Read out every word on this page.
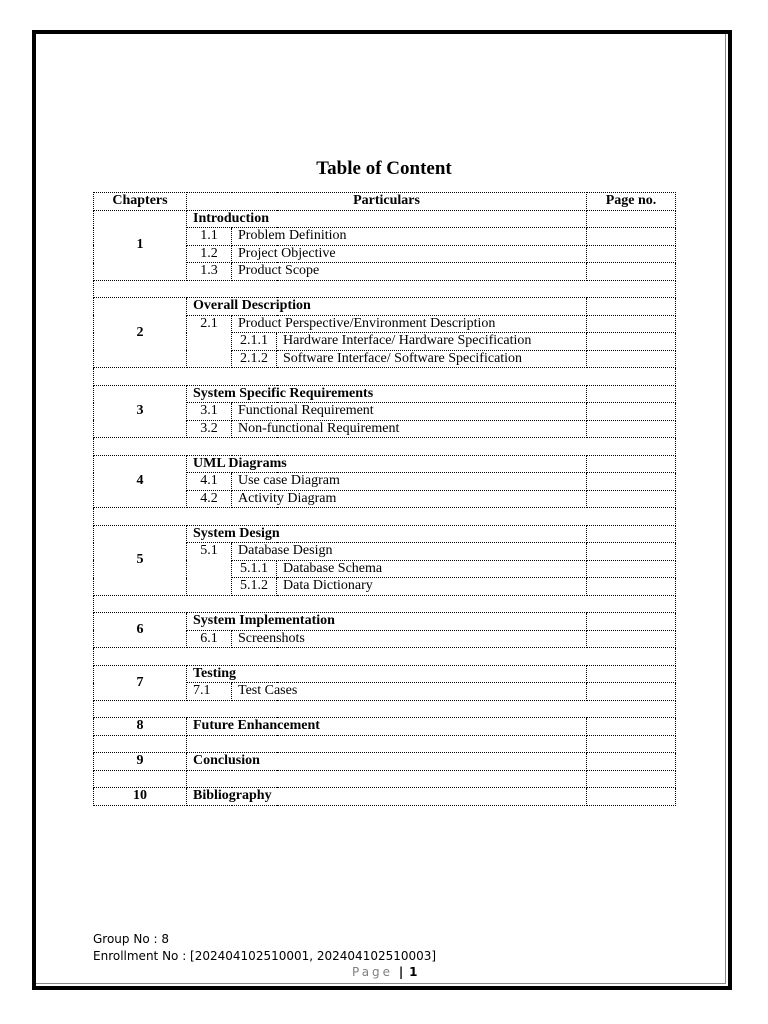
Table of Content
Chapters	Particulars			Page no.
1	Introduction			
	1.1	Problem Definition		
	1.2	Project Objective		
	1.3	Product Scope		

2	Overall Description			
	2.1	Product Perspective/Environment Description		
		2.1.1	Hardware Interface/ Hardware Specification	
		2.1.2	Software Interface/ Software Specification	

3	System Specific Requirements			
	3.1	Functional Requirement		
	3.2	Non-functional Requirement		

4	UML Diagrams			
	4.1	Use case Diagram		
	4.2	Activity Diagram		

5	System Design			
	5.1	Database Design		
		5.1.1	Database Schema	
		5.1.2	Data Dictionary	

6	System Implementation			
	6.1	Screenshots		

7	Testing			
	7.1	Test Cases		

8	Future Enhancement			

9	Conclusion			

10	Bibliography			
Group No : 8
Enrollment No : [202404102510001, 202404102510003]
Page | 1
